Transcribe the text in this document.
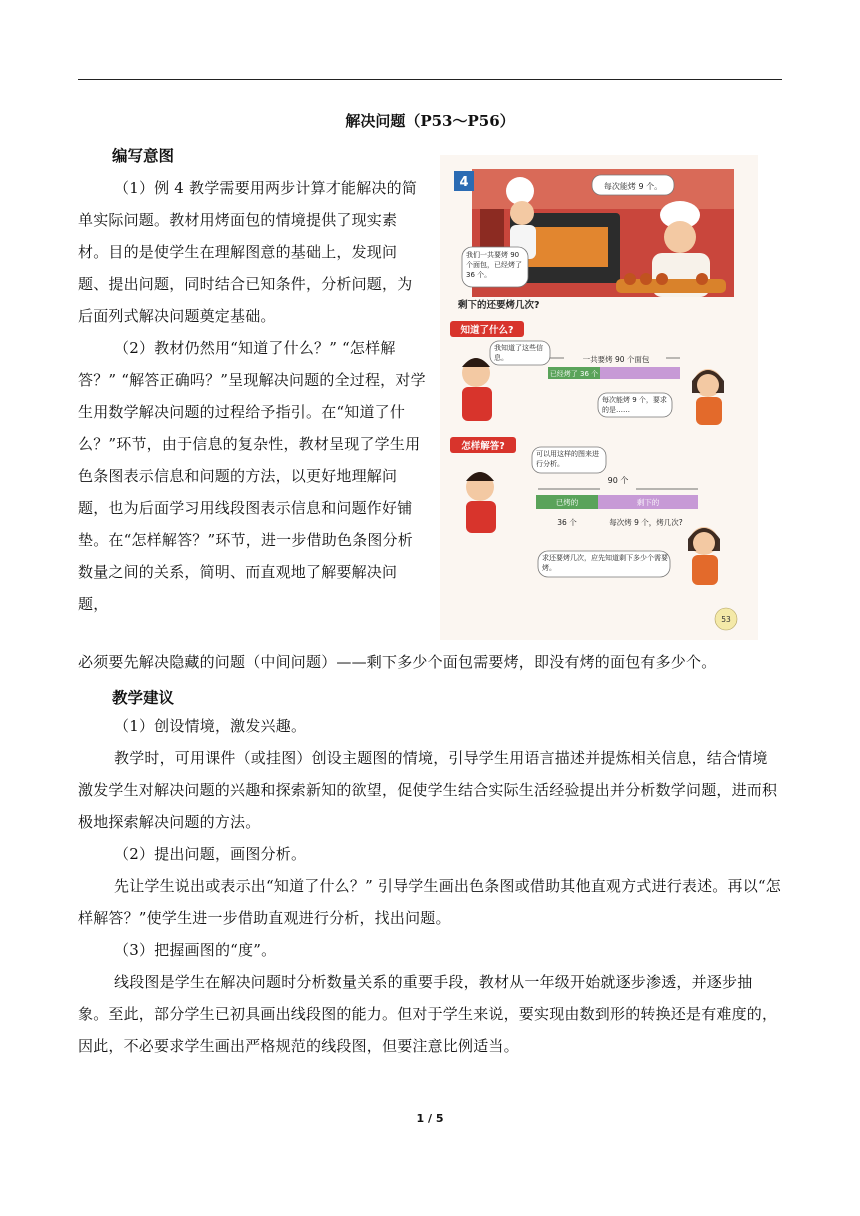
解决问题（P53～P56）
编写意图

（1）例 4 教学需要用两步计算才能解决的简单实际问题。教材用烤面包的情境提供了现实素材。目的是使学生在理解图意的基础上，发现问题、提出问题，同时结合已知条件，分析问题，为后面列式解决问题奠定基础。

（2）教材仍然用“知道了什么？” “怎样解答？” “解答正确吗？”呈现解决问题的全过程，对学生用数学解决问题的过程给予指引。在“知道了什么？”环节，由于信息的复杂性，教材呈现了学生用色条图表示信息和问题的方法，以更好地理解问题，也为后面学习用线段图表示信息和问题作好铺垫。在“怎样解答？”环节，进一步借助色条图分析数量之间的关系，简明、而直观地了解要解决问题，

必须要先解决隐藏的问题（中间问题）——剩下多少个面包需要烤，即没有烤的面包有多少个。

4	每次能烤 9 个。
我们一共要烤 90 个面包，已经烤了 36 个。
剩下的还要烤几次?
知道了什么?
我知道了这些信息。	一共要烤 90 个面包
已经烤了 36 个
每次能烤 9 个，要求的是……
怎样解答?
可以用这样的图来进行分析。
90 个
已烤的	剩下的
36 个	每次烤 9 个，烤几次?
求还要烤几次，应先知道剩下多少个需要烤。
53
教学建议

（1）创设情境，激发兴趣。

教学时，可用课件（或挂图）创设主题图的情境，引导学生用语言描述并提炼相关信息，结合情境激发学生对解决问题的兴趣和探索新知的欲望，促使学生结合实际生活经验提出并分析数学问题，进而积极地探索解决问题的方法。

（2）提出问题，画图分析。

先让学生说出或表示出“知道了什么？” 引导学生画出色条图或借助其他直观方式进行表述。再以“怎样解答？”使学生进一步借助直观进行分析，找出问题。

（3）把握画图的“度”。

线段图是学生在解决问题时分析数量关系的重要手段，教材从一年级开始就逐步渗透，并逐步抽象。至此，部分学生已初具画出线段图的能力。但对于学生来说，要实现由数到形的转换还是有难度的，因此，不必要求学生画出严格规范的线段图，但要注意比例适当。

1 / 5
